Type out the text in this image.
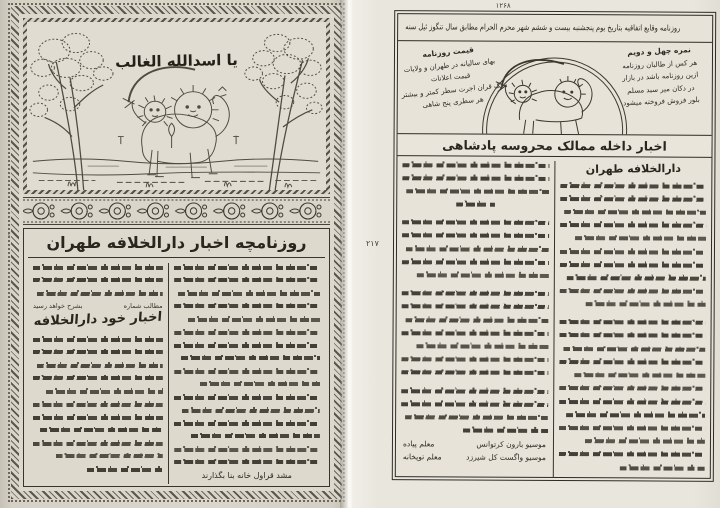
۱
یا اسدالله الغالب
روزنامچه اخبار دارالخلافه طهران
مشد قراول خانه بنا بگذارند
مطالب شماره
بشرح خواهد رسید
اخبار خود دارالخلافه
۲۱۷
۱۲۶۸
روزنامه وقایع اتفاقیه بتاریخ یوم پنجشنبه بیست و ششم شهر محرم الحرام مطابق سال تنگوز ئیل سنه
نمره چهل و دویم
هر کس از طالبان روزنامه
ازین روزنامه باشد در بازار
در دکان میر سید مسلم
بلور فروش فروخته میشود
قیمت روزنامه
بهای سالیانه در طهران و ولایات
قیمت اعلانات
یک قران اجرت سطر کمتر و بیشتر
هر سطری پنج شاهی
اخبار داخله ممالک محروسه پادشاهی
دارالخلافه طهران
موسیو بارون کرتوانس
معلم پیاده
موسیو واگست کل شیرزد
معلم توپخانه
